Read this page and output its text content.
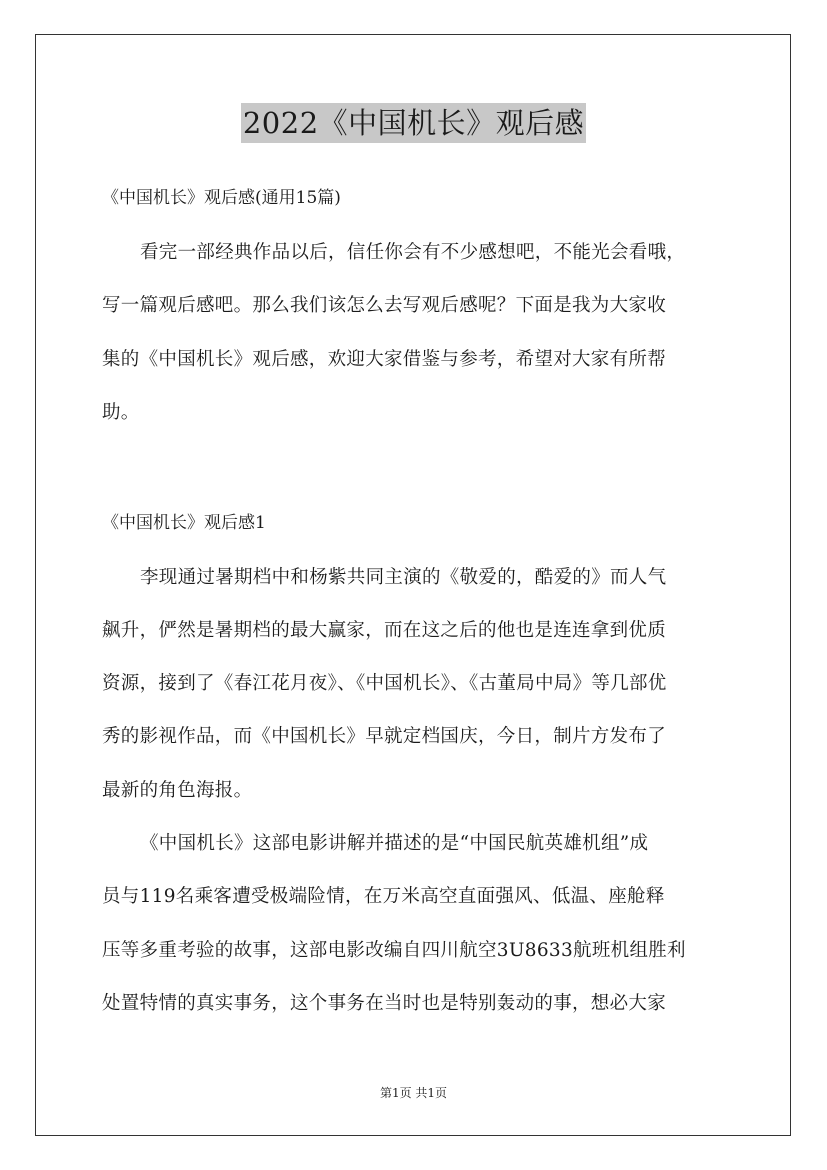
2022《中国机长》观后感
《中国机长》观后感(通用15篇)
看完一部经典作品以后，信任你会有不少感想吧，不能光会看哦，
写一篇观后感吧。那么我们该怎么去写观后感呢？下面是我为大家收
集的《中国机长》观后感，欢迎大家借鉴与参考，希望对大家有所帮
助。
《中国机长》观后感1
李现通过暑期档中和杨紫共同主演的《敬爱的，酷爱的》而人气
飙升，俨然是暑期档的最大赢家，而在这之后的他也是连连拿到优质
资源，接到了《春江花月夜》、《中国机长》、《古董局中局》等几部优
秀的影视作品，而《中国机长》早就定档国庆，今日，制片方发布了
最新的角色海报。
《中国机长》这部电影讲解并描述的是“中国民航英雄机组”成
员与119名乘客遭受极端险情，在万米高空直面强风、低温、座舱释
压等多重考验的故事，这部电影改编自四川航空3U8633航班机组胜利
处置特情的真实事务，这个事务在当时也是特别轰动的事，想必大家
第1页 共1页
